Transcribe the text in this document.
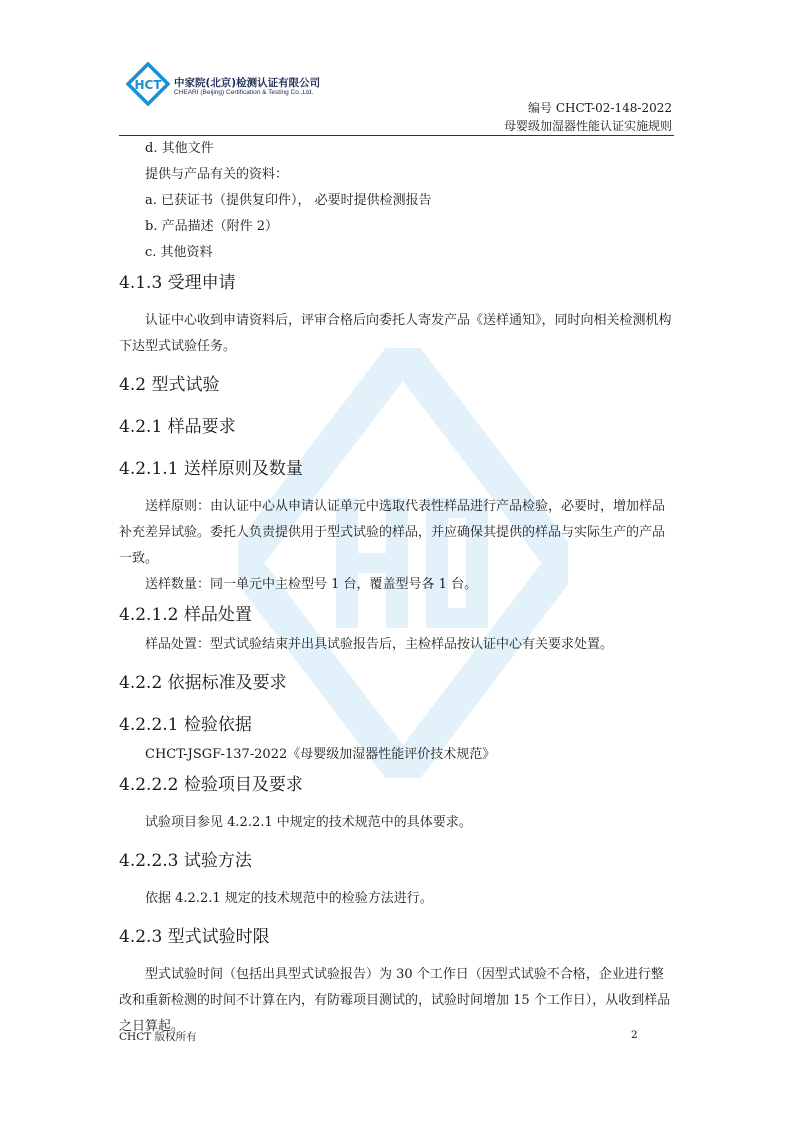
HCT 中家院(北京)检测认证有限公司
CHEARI (Beijing) Certification & Testing Co.,Ltd.
编号 CHCT-02-148-2022
母婴级加湿器性能认证实施规则

d. 其他文件

提供与产品有关的资料：

a. 已获证书（提供复印件）， 必要时提供检测报告

b. 产品描述（附件 2）

c. 其他资料

4.1.3 受理申请

认证中心收到申请资料后，评审合格后向委托人寄发产品《送样通知》，同时向相关检测机构下达型式试验任务。

4.2 型式试验
4.2.1 样品要求
4.2.1.1 送样原则及数量

送样原则：由认证中心从申请认证单元中选取代表性样品进行产品检验，必要时，增加样品补充差异试验。委托人负责提供用于型式试验的样品，并应确保其提供的样品与实际生产的产品一致。

送样数量：同一单元中主检型号 1 台，覆盖型号各 1 台。

4.2.1.2 样品处置

样品处置：型式试验结束并出具试验报告后，主检样品按认证中心有关要求处置。

4.2.2 依据标准及要求
4.2.2.1 检验依据

CHCT-JSGF-137-2022《母婴级加湿器性能评价技术规范》

4.2.2.2 检验项目及要求

试验项目参见 4.2.2.1 中规定的技术规范中的具体要求。

4.2.2.3 试验方法

依据 4.2.2.1 规定的技术规范中的检验方法进行。

4.2.3 型式试验时限

型式试验时间（包括出具型式试验报告）为 30 个工作日（因型式试验不合格，企业进行整改和重新检测的时间不计算在内，有防霉项目测试的，试验时间增加 15 个工作日），从收到样品之日算起。

CHCT 版权所有	2
